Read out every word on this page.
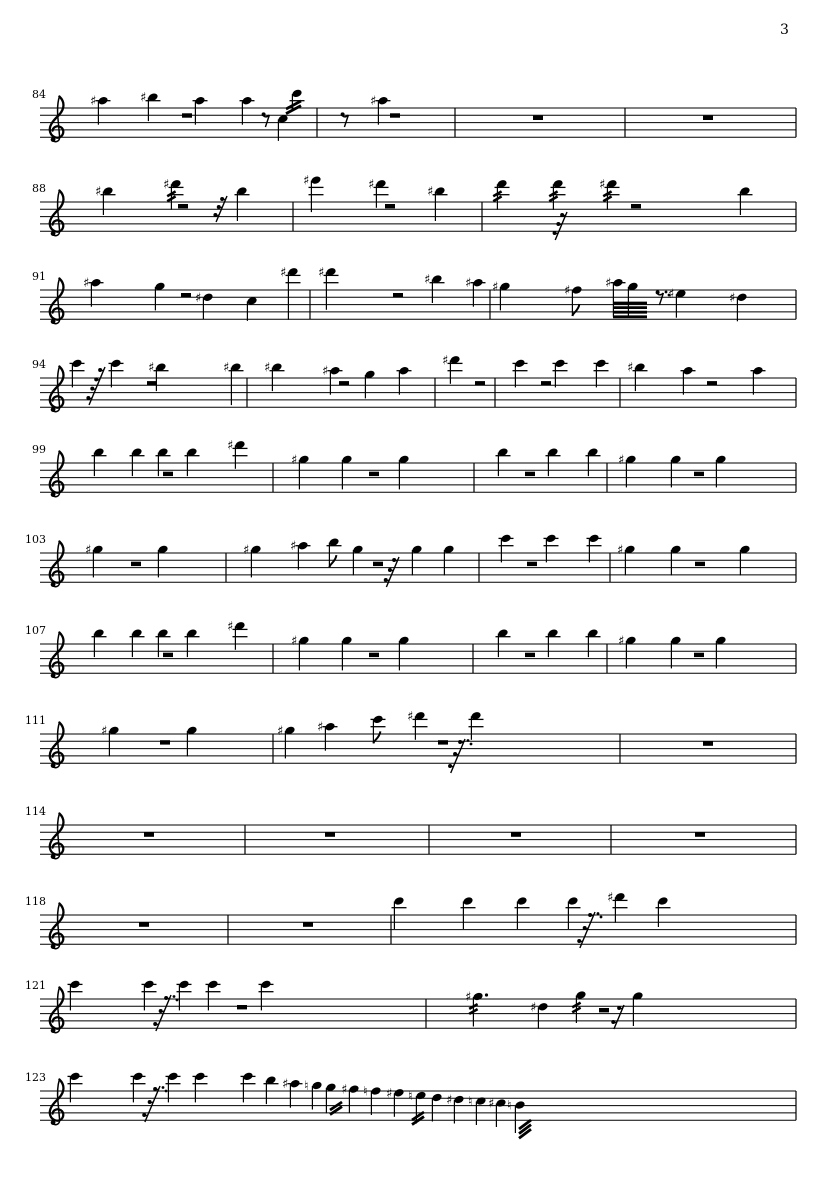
3
84	♯	♯	♯
88	♯	♯	♯	♯	♯	♯
91	♯
♯
♯ ♯	♯	♯ ♯	♯	♯
♯	♯
94	♯	♯	♯	♯
♯	♯
99	♯
♯	♯
103
♯	♯	♯	♯
107	♯
♯	♯
111
♯	♯	♯
♯
114
118	♯
121
♯
♯
123	♯ ♮ ♯ ♮ ♯ ♮	♯ ♮ ♯ ♮
